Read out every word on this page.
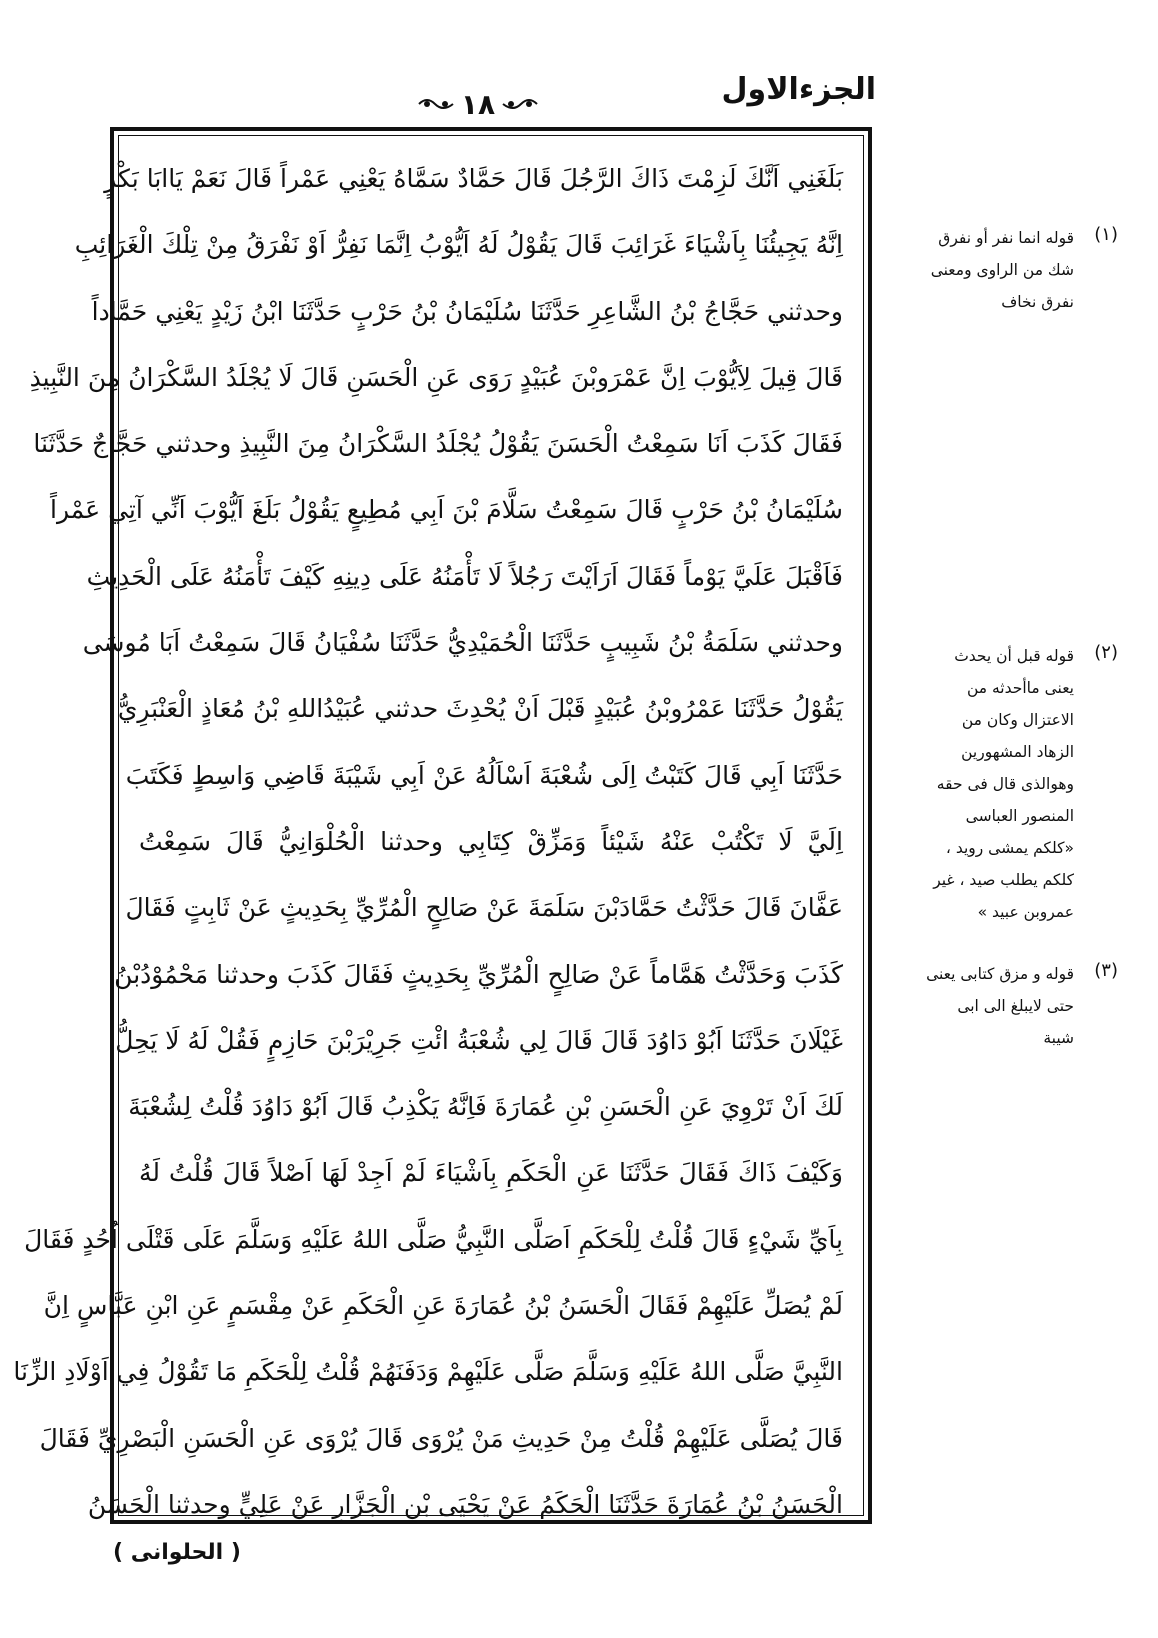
الجزءالاول
١٨
بَلَغَنِي اَنَّكَ لَزِمْتَ ذَاكَ الرَّجُلَ قَالَ حَمَّادٌ سَمَّاهُ يَعْنِي عَمْراً قَالَ نَعَمْ يَاابَا بَكْرٍ
اِنَّهُ يَجِيئُنَا بِاَشْيَاءَ غَرَائِبَ قَالَ يَقُوْلُ لَهُ اَيُّوْبُ اِنَّمَا نَفِرُّ اَوْ نَفْرَقُ مِنْ تِلْكَ الْغَرَائِبِ
وحدثني حَجَّاجُ بْنُ الشَّاعِرِ حَدَّثَنَا سُلَيْمَانُ بْنُ حَرْبٍ حَدَّثَنَا ابْنُ زَيْدٍ يَعْنِي حَمَّاداً
قَالَ قِيلَ لِاَيُّوْبَ اِنَّ عَمْرَوبْنَ عُبَيْدٍ رَوَى عَنِ الْحَسَنِ قَالَ لَا يُجْلَدُ السَّكْرَانُ مِنَ النَّبِيذِ
فَقَالَ كَذَبَ اَنَا سَمِعْتُ الْحَسَنَ يَقُوْلُ يُجْلَدُ السَّكْرَانُ مِنَ النَّبِيذِ وحدثني حَجَّاجٌ حَدَّثَنَا
سُلَيْمَانُ بْنُ حَرْبٍ قَالَ سَمِعْتُ سَلَّامَ بْنَ اَبِي مُطِيعٍ يَقُوْلُ بَلَغَ اَيُّوْبَ اَنِّي آتِي عَمْراً
فَاَقْبَلَ عَلَيَّ يَوْماً فَقَالَ اَرَاَيْتَ رَجُلاً لَا تَأْمَنُهُ عَلَى دِينِهِ كَيْفَ تَأْمَنُهُ عَلَى الْحَدِيثِ
وحدثني سَلَمَةُ بْنُ شَبِيبٍ حَدَّثَنَا الْحُمَيْدِيُّ حَدَّثَنَا سُفْيَانُ قَالَ سَمِعْتُ اَبَا مُوسَى
يَقُوْلُ حَدَّثَنَا عَمْرُوبْنُ عُبَيْدٍ قَبْلَ اَنْ يُحْدِثَ حدثني عُبَيْدُاللهِ بْنُ مُعَاذٍ الْعَنْبَرِيُّ
حَدَّثَنَا اَبِي قَالَ كَتَبْتُ اِلَى شُعْبَةَ اَسْاَلُهُ عَنْ اَبِي شَيْبَةَ قَاضِي وَاسِطٍ فَكَتَبَ
اِلَيَّ لَا تَكْتُبْ عَنْهُ شَيْئاً وَمَزِّقْ كِتَابِي وحدثنا الْحُلْوَانِيُّ قَالَ سَمِعْتُ
عَفَّانَ قَالَ حَدَّثْتُ حَمَّادَبْنَ سَلَمَةَ عَنْ صَالِحٍ الْمُرِّيِّ بِحَدِيثٍ عَنْ ثَابِتٍ فَقَالَ
كَذَبَ وَحَدَّثْتُ هَمَّاماً عَنْ صَالِحٍ الْمُرِّيِّ بِحَدِيثٍ فَقَالَ كَذَبَ وحدثنا مَحْمُوْدُبْنُ
غَيْلَانَ حَدَّثَنَا اَبُوْ دَاوُدَ قَالَ قَالَ لِي شُعْبَةُ ائْتِ جَرِيْرَبْنَ حَازِمٍ فَقُلْ لَهُ لَا يَحِلُّ
لَكَ اَنْ تَرْوِيَ عَنِ الْحَسَنِ بْنِ عُمَارَةَ فَاِنَّهُ يَكْذِبُ قَالَ اَبُوْ دَاوُدَ قُلْتُ لِشُعْبَةَ
وَكَيْفَ ذَاكَ فَقَالَ حَدَّثَنَا عَنِ الْحَكَمِ بِاَشْيَاءَ لَمْ اَجِدْ لَهَا اَصْلاً قَالَ قُلْتُ لَهُ
بِاَيِّ شَيْءٍ قَالَ قُلْتُ لِلْحَكَمِ اَصَلَّى النَّبِيُّ صَلَّى اللهُ عَلَيْهِ وَسَلَّمَ عَلَى قَتْلَى اُحُدٍ فَقَالَ
لَمْ يُصَلِّ عَلَيْهِمْ فَقَالَ الْحَسَنُ بْنُ عُمَارَةَ عَنِ الْحَكَمِ عَنْ مِقْسَمٍ عَنِ ابْنِ عَبَّاسٍ اِنَّ
النَّبِيَّ صَلَّى اللهُ عَلَيْهِ وَسَلَّمَ صَلَّى عَلَيْهِمْ وَدَفَنَهُمْ قُلْتُ لِلْحَكَمِ مَا تَقُوْلُ فِي اَوْلَادِ الزِّنَا
قَالَ يُصَلَّى عَلَيْهِمْ قُلْتُ مِنْ حَدِيثِ مَنْ يُرْوَى قَالَ يُرْوَى عَنِ الْحَسَنِ الْبَصْرِيِّ فَقَالَ
الْحَسَنُ بْنُ عُمَارَةَ حَدَّثَنَا الْحَكَمُ عَنْ يَحْيَى بْنِ الْجَزَّارِ عَنْ عَلِيٍّ وحدثنا الْحَسَنُ
(۱)
قوله انما نفر أو نفرق شك من الراوى ومعنى نفرق نخاف
(۲)
قوله قبل أن يحدث يعنى ماأحدثه من الاعتزال وكان من الزهاد المشهورين وهوالذى قال فى حقه المنصور العباسى «كلكم يمشى رويد ، كلكم يطلب صيد ، غير عمروبن عبيد »
(۳)
قوله و مزق كتابى يعنى حتى لايبلغ الى ابى شيبة
( الحلوانى )
